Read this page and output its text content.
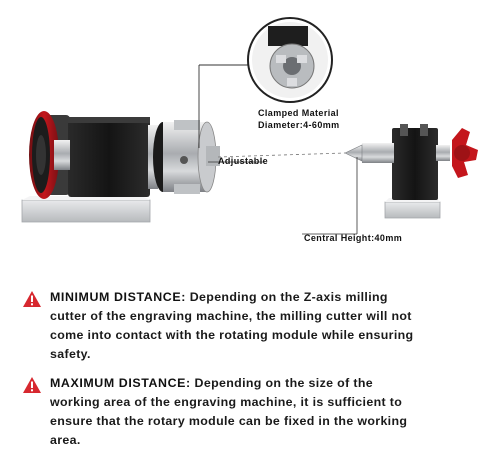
Clamped Material
Diameter:4-60mm
Adjustable
Central Height:40mm
MINIMUM DISTANCE: Depending on the Z-axis milling
cutter of the engraving machine, the milling cutter will not
come into contact with the rotating module while ensuring
safety.
MAXIMUM DISTANCE: Depending on the size of the
working area of the engraving machine, it is sufficient to
ensure that the rotary module can be fixed in the working
area.
